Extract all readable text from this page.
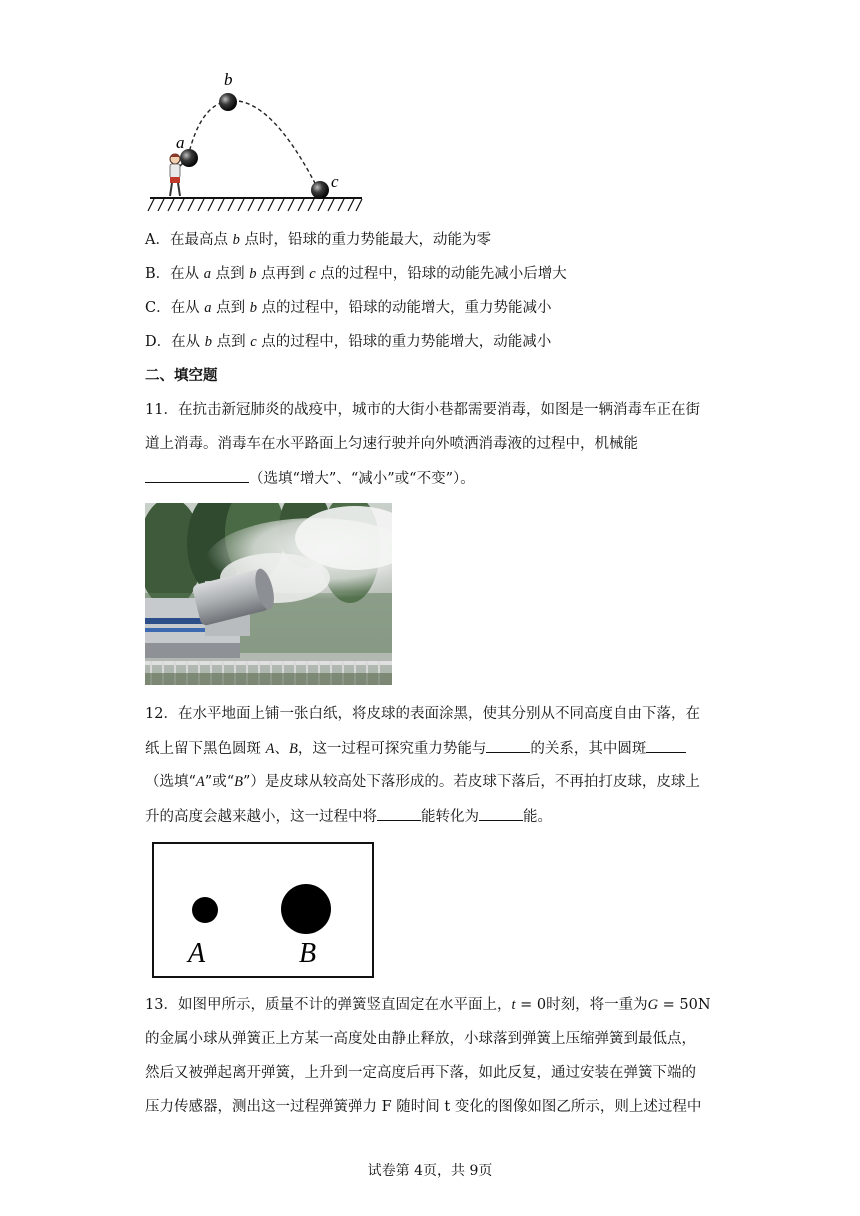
a
b
c
A．在最高点 b 点时，铅球的重力势能最大，动能为零
B．在从 a 点到 b 点再到 c 点的过程中，铅球的动能先减小后增大
C．在从 a 点到 b 点的过程中，铅球的动能增大，重力势能减小
D．在从 b 点到 c 点的过程中，铅球的重力势能增大，动能减小
二、填空题
11．在抗击新冠肺炎的战疫中，城市的大街小巷都需要消毒，如图是一辆消毒车正在街
道上消毒。消毒车在水平路面上匀速行驶并向外喷洒消毒液的过程中，机械能
（选填“增大”、“减小”或“不变”）。
12．在水平地面上铺一张白纸，将皮球的表面涂黑，使其分别从不同高度自由下落，在
纸上留下黑色圆斑 A、B，这一过程可探究重力势能与	的关系，其中圆斑
（选填“A”或“B”）是皮球从较高处下落形成的。若皮球下落后，不再拍打皮球，皮球上
升的高度会越来越小，这一过程中将	能转化为	能。
A	B
13．如图甲所示，质量不计的弹簧竖直固定在水平面上，t = 0时刻，将一重为G = 50N
的金属小球从弹簧正上方某一高度处由静止释放，小球落到弹簧上压缩弹簧到最低点，
然后又被弹起离开弹簧，上升到一定高度后再下落，如此反复，通过安装在弹簧下端的
压力传感器，测出这一过程弹簧弹力 F 随时间 t 变化的图像如图乙所示，则上述过程中
试卷第 4页，共 9页
